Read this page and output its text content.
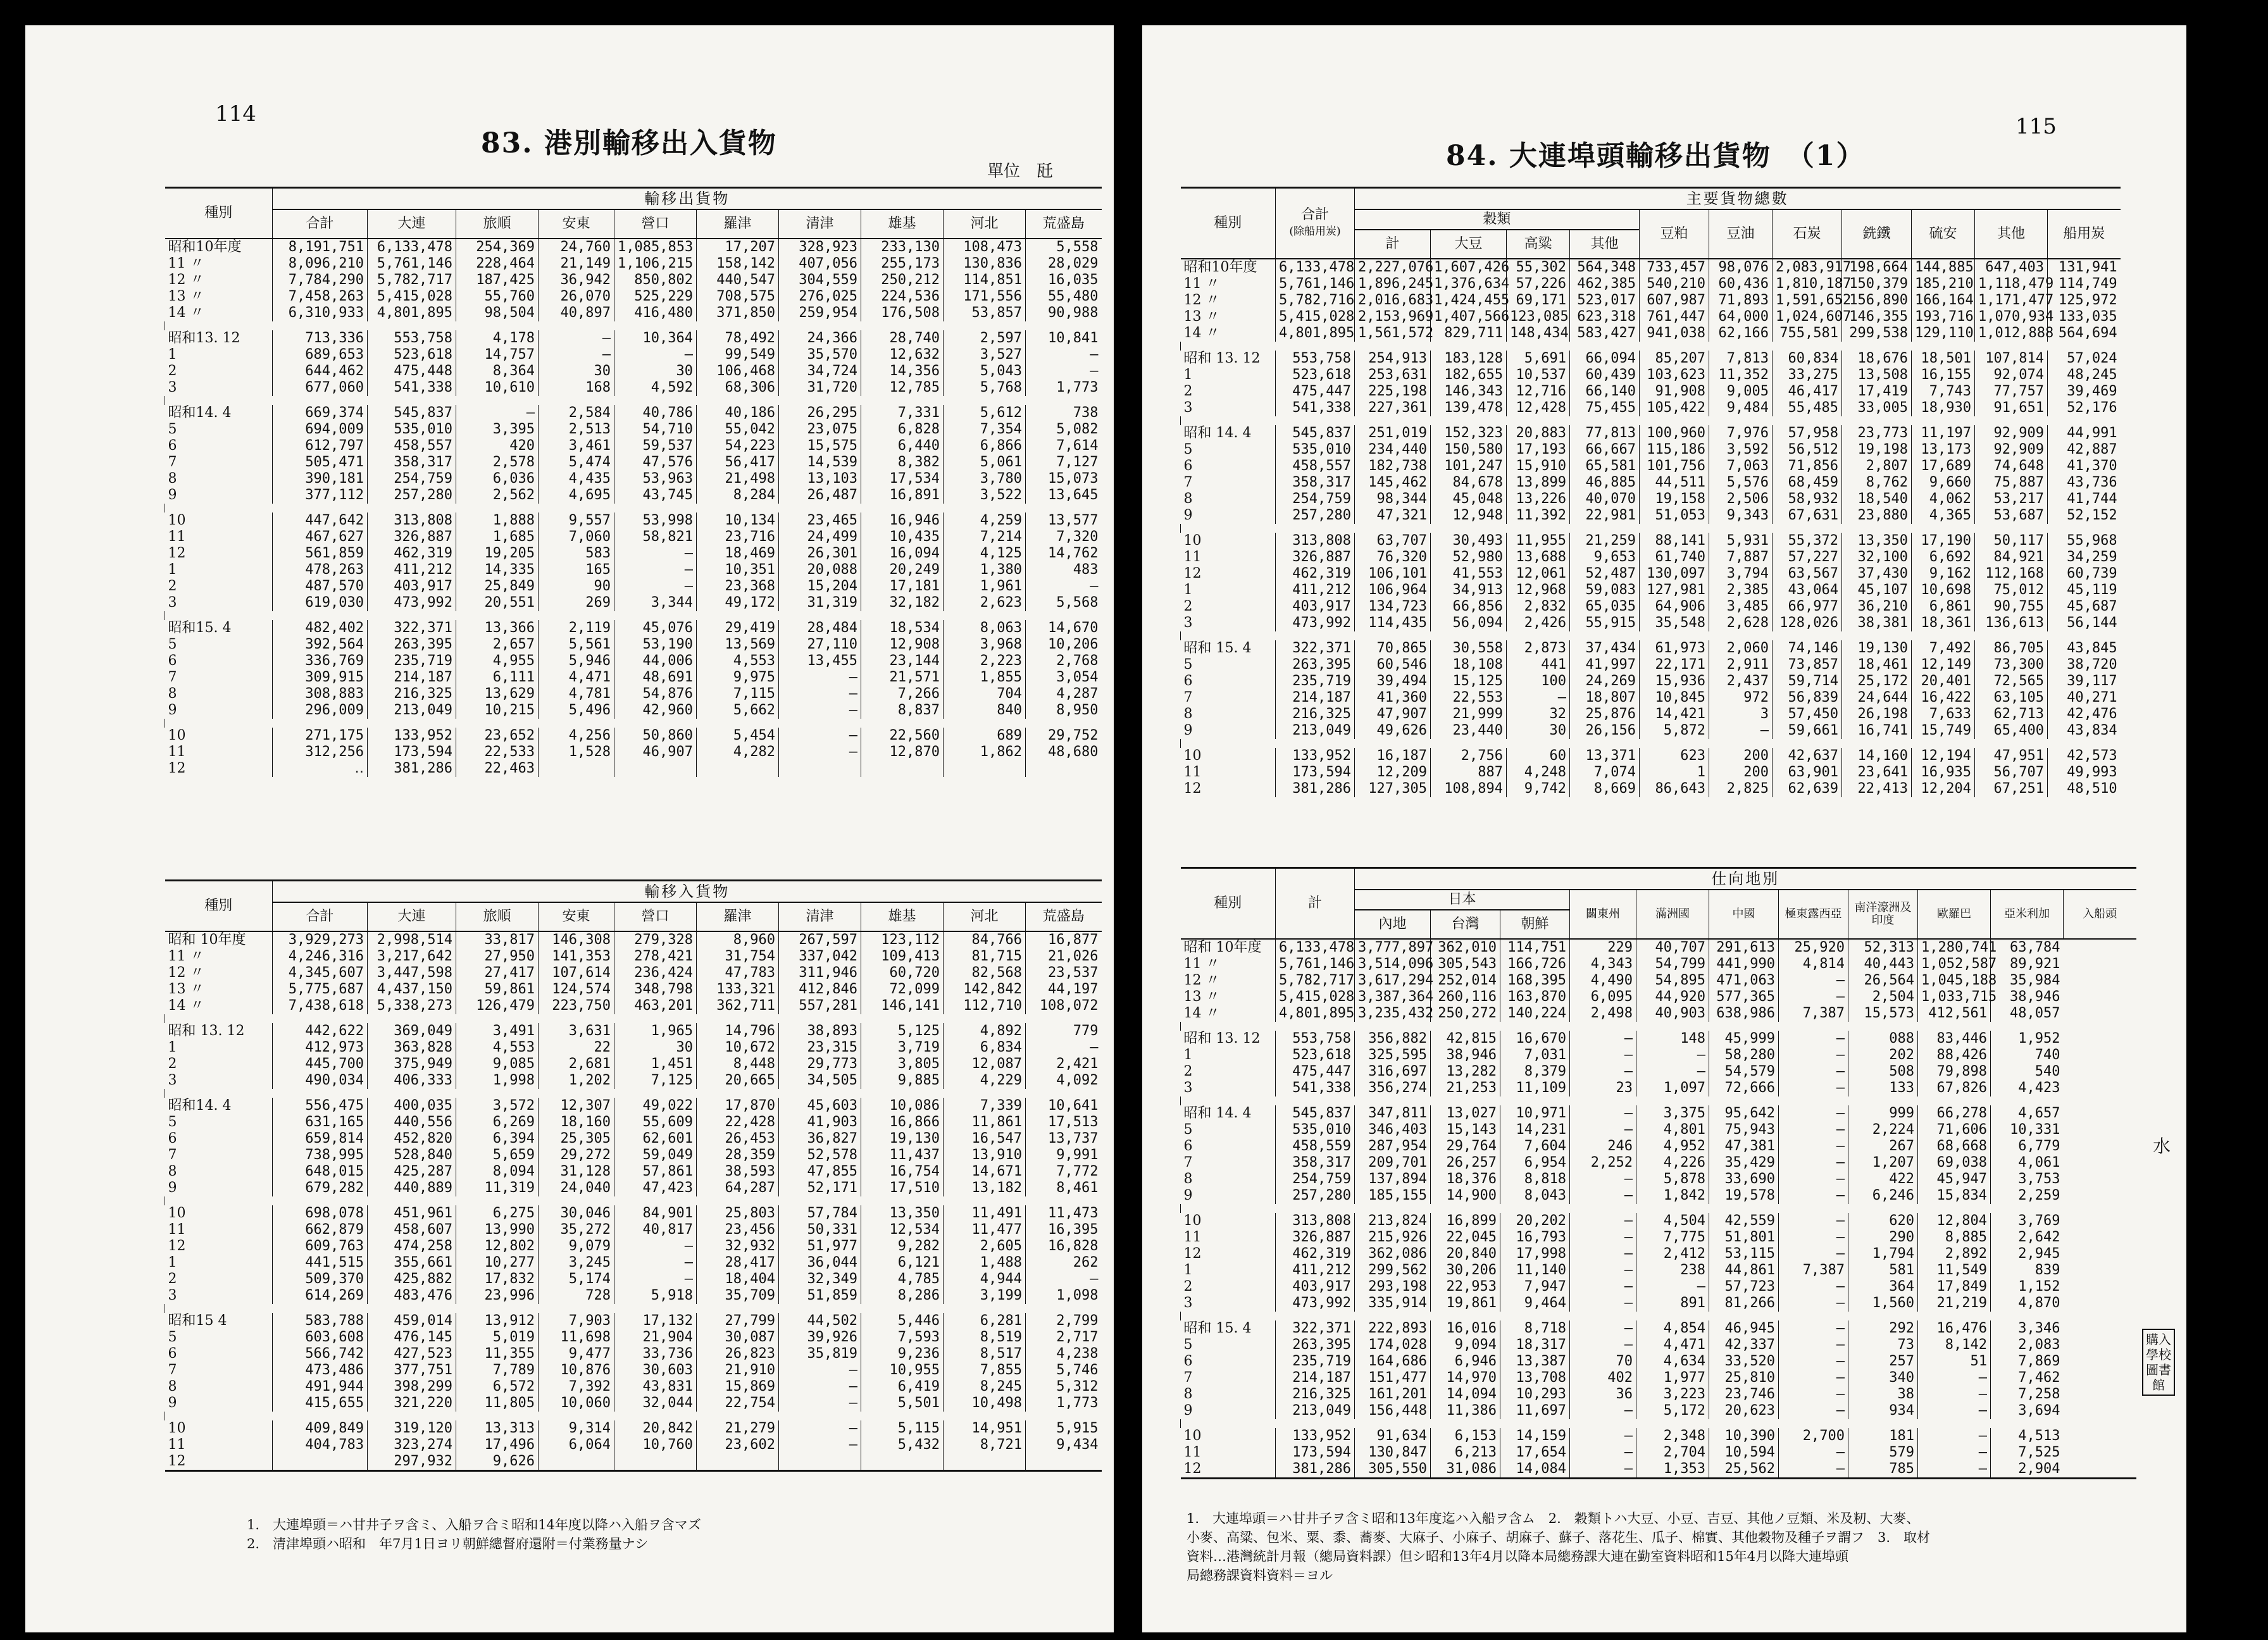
114
83. 港別輸移出入貨物
單位　瓩
種別	輸移出貨物									
	合計	大連	旅順	安東	營口	羅津	清津	雄基	河北	荒盛島
昭和10年度	8,191,751	6,133,478	254,369	24,760	1,085,853	17,207	328,923	233,130	108,473	5,558
11 〃	8,096,210	5,761,146	228,464	21,149	1,106,215	158,142	407,056	255,173	130,836	28,029
12 〃	7,784,290	5,782,717	187,425	36,942	850,802	440,547	304,559	250,212	114,851	16,035
13 〃	7,458,263	5,415,028	55,760	26,070	525,229	708,575	276,025	224,536	171,556	55,480
14 〃	6,310,933	4,801,895	98,504	40,897	416,480	371,850	259,954	176,508	53,857	90,988

昭和13. 12	713,336	553,758	4,178	—	10,364	78,492	24,366	28,740	2,597	10,841
1	689,653	523,618	14,757	—	—	99,549	35,570	12,632	3,527	—
2	644,462	475,448	8,364	30	30	106,468	34,724	14,356	5,043	—
3	677,060	541,338	10,610	168	4,592	68,306	31,720	12,785	5,768	1,773

昭和14. 4	669,374	545,837	—	2,584	40,786	40,186	26,295	7,331	5,612	738
5	694,009	535,010	3,395	2,513	54,710	55,042	23,075	6,828	7,354	5,082
6	612,797	458,557	420	3,461	59,537	54,223	15,575	6,440	6,866	7,614
7	505,471	358,317	2,578	5,474	47,576	56,417	14,539	8,382	5,061	7,127
8	390,181	254,759	6,036	4,435	53,963	21,498	13,103	17,534	3,780	15,073
9	377,112	257,280	2,562	4,695	43,745	8,284	26,487	16,891	3,522	13,645

10	447,642	313,808	1,888	9,557	53,998	10,134	23,465	16,946	4,259	13,577
11	467,627	326,887	1,685	7,060	58,821	23,716	24,499	10,435	7,214	7,320
12	561,859	462,319	19,205	583	—	18,469	26,301	16,094	4,125	14,762
1	478,263	411,212	14,335	165	—	10,351	20,088	20,249	1,380	483
2	487,570	403,917	25,849	90	—	23,368	15,204	17,181	1,961	—
3	619,030	473,992	20,551	269	3,344	49,172	31,319	32,182	2,623	5,568

昭和15. 4	482,402	322,371	13,366	2,119	45,076	29,419	28,484	18,534	8,063	14,670
5	392,564	263,395	2,657	5,561	53,190	13,569	27,110	12,908	3,968	10,206
6	336,769	235,719	4,955	5,946	44,006	4,553	13,455	23,144	2,223	2,768
7	309,915	214,187	6,111	4,471	48,691	9,975	—	21,571	1,855	3,054
8	308,883	216,325	13,629	4,781	54,876	7,115	—	7,266	704	4,287
9	296,009	213,049	10,215	5,496	42,960	5,662	—	8,837	840	8,950

10	271,175	133,952	23,652	4,256	50,860	5,454	—	22,560	689	29,752
11	312,256	173,594	22,533	1,528	46,907	4,282	—	12,870	1,862	48,680
12	‥	381,286	22,463							
種別	輸移入貨物									
	合計	大連	旅順	安東	營口	羅津	清津	雄基	河北	荒盛島
昭和 10年度	3,929,273	2,998,514	33,817	146,308	279,328	8,960	267,597	123,112	84,766	16,877
11 〃	4,246,316	3,217,642	27,950	141,353	278,421	31,754	337,042	109,413	81,715	21,026
12 〃	4,345,607	3,447,598	27,417	107,614	236,424	47,783	311,946	60,720	82,568	23,537
13 〃	5,775,687	4,437,150	59,861	124,574	348,798	133,321	412,846	72,099	142,842	44,197
14 〃	7,438,618	5,338,273	126,479	223,750	463,201	362,711	557,281	146,141	112,710	108,072

昭和 13. 12	442,622	369,049	3,491	3,631	1,965	14,796	38,893	5,125	4,892	779
1	412,973	363,828	4,553	22	30	10,672	23,315	3,719	6,834	—
2	445,700	375,949	9,085	2,681	1,451	8,448	29,773	3,805	12,087	2,421
3	490,034	406,333	1,998	1,202	7,125	20,665	34,505	9,885	4,229	4,092

昭和14. 4	556,475	400,035	3,572	12,307	49,022	17,870	45,603	10,086	7,339	10,641
5	631,165	440,556	6,269	18,160	55,609	22,428	41,903	16,866	11,861	17,513
6	659,814	452,820	6,394	25,305	62,601	26,453	36,827	19,130	16,547	13,737
7	738,995	528,840	5,659	29,272	59,049	28,359	52,578	11,437	13,910	9,991
8	648,015	425,287	8,094	31,128	57,861	38,593	47,855	16,754	14,671	7,772
9	679,282	440,889	11,319	24,040	47,423	64,287	52,171	17,510	13,182	8,461

10	698,078	451,961	6,275	30,046	84,901	25,803	57,784	13,350	11,491	11,473
11	662,879	458,607	13,990	35,272	40,817	23,456	50,331	12,534	11,477	16,395
12	609,763	474,258	12,802	9,079	—	32,932	51,977	9,282	2,605	16,828
1	441,515	355,661	10,277	3,245	—	28,417	36,044	6,121	1,488	262
2	509,370	425,882	17,832	5,174	—	18,404	32,349	4,785	4,944	—
3	614,269	483,476	23,996	728	5,918	35,709	51,859	8,286	3,199	1,098

昭和15 4	583,788	459,014	13,912	7,903	17,132	27,799	44,502	5,446	6,281	2,799
5	603,608	476,145	5,019	11,698	21,904	30,087	39,926	7,593	8,519	2,717
6	566,742	427,523	11,355	9,477	33,736	26,823	35,819	9,236	8,517	4,238
7	473,486	377,751	7,789	10,876	30,603	21,910	—	10,955	7,855	5,746
8	491,944	398,299	6,572	7,392	43,831	15,869	—	6,419	8,245	5,312
9	415,655	321,220	11,805	10,060	32,044	22,754	—	5,501	10,498	1,773

10	409,849	319,120	13,313	9,314	20,842	21,279	—	5,115	14,951	5,915
11	404,783	323,274	17,496	6,064	10,760	23,602	—	5,432	8,721	9,434
12		297,932	9,626							
1.　大連埠頭＝ハ甘井子ヲ含ミ、入船ヲ合ミ昭和14年度以降ハ入船ヲ含マズ
2.　清津埠頭ハ昭和　年7月1日ヨリ朝鮮總督府還附＝付業務量ナシ
115
84. 大連埠頭輸移出貨物　（1）
種別	合計
(除船用炭)	主要貨物總數										
		穀類				豆粕	豆油	石炭	銑鐵	硫安	其他	船用炭
		計	大豆	高粱	其他							
昭和10年度	6,133,478	2,227,076	1,607,426	55,302	564,348	733,457	98,076	2,083,917	198,664	144,885	647,403	131,941
11 〃	5,761,146	1,896,245	1,376,634	57,226	462,385	540,210	60,436	1,810,187	150,379	185,210	1,118,479	114,749
12 〃	5,782,716	2,016,683	1,424,455	69,171	523,017	607,987	71,893	1,591,652	156,890	166,164	1,171,477	125,972
13 〃	5,415,028	2,153,969	1,407,566	123,085	623,318	761,447	64,000	1,024,607	146,355	193,716	1,070,934	133,035
14 〃	4,801,895	1,561,572	829,711	148,434	583,427	941,038	62,166	755,581	299,538	129,110	1,012,888	564,694

昭和 13. 12	553,758	254,913	183,128	5,691	66,094	85,207	7,813	60,834	18,676	18,501	107,814	57,024
1	523,618	253,631	182,655	10,537	60,439	103,623	11,352	33,275	13,508	16,155	92,074	48,245
2	475,447	225,198	146,343	12,716	66,140	91,908	9,005	46,417	17,419	7,743	77,757	39,469
3	541,338	227,361	139,478	12,428	75,455	105,422	9,484	55,485	33,005	18,930	91,651	52,176

昭和 14. 4	545,837	251,019	152,323	20,883	77,813	100,960	7,976	57,958	23,773	11,197	92,909	44,991
5	535,010	234,440	150,580	17,193	66,667	115,186	3,592	56,512	19,198	13,173	92,909	42,887
6	458,557	182,738	101,247	15,910	65,581	101,756	7,063	71,856	2,807	17,689	74,648	41,370
7	358,317	145,462	84,678	13,899	46,885	44,511	5,576	68,459	8,762	9,660	75,887	43,736
8	254,759	98,344	45,048	13,226	40,070	19,158	2,506	58,932	18,540	4,062	53,217	41,744
9	257,280	47,321	12,948	11,392	22,981	51,053	9,343	67,631	23,880	4,365	53,687	52,152

10	313,808	63,707	30,493	11,955	21,259	88,141	5,931	55,372	13,350	17,190	50,117	55,968
11	326,887	76,320	52,980	13,688	9,653	61,740	7,887	57,227	32,100	6,692	84,921	34,259
12	462,319	106,101	41,553	12,061	52,487	130,097	3,794	63,567	37,430	9,162	112,168	60,739
1	411,212	106,964	34,913	12,968	59,083	127,981	2,385	43,064	45,107	10,698	75,012	45,119
2	403,917	134,723	66,856	2,832	65,035	64,906	3,485	66,977	36,210	6,861	90,755	45,687
3	473,992	114,435	56,094	2,426	55,915	35,548	2,628	128,026	38,381	18,361	136,613	56,144

昭和 15. 4	322,371	70,865	30,558	2,873	37,434	61,973	2,060	74,146	19,130	7,492	86,705	43,845
5	263,395	60,546	18,108	441	41,997	22,171	2,911	73,857	18,461	12,149	73,300	38,720
6	235,719	39,494	15,125	100	24,269	15,936	2,437	59,714	25,172	20,401	72,565	39,117
7	214,187	41,360	22,553	—	18,807	10,845	972	56,839	24,644	16,422	63,105	40,271
8	216,325	47,907	21,999	32	25,876	14,421	3	57,450	26,198	7,633	62,713	42,476
9	213,049	49,626	23,440	30	26,156	5,872	—	59,661	16,741	15,749	65,400	43,834

10	133,952	16,187	2,756	60	13,371	623	200	42,637	14,160	12,194	47,951	42,573
11	173,594	12,209	887	4,248	7,074	1	200	63,901	23,641	16,935	56,707	49,993
12	381,286	127,305	108,894	9,742	8,669	86,643	2,825	62,639	22,413	12,204	67,251	48,510
種別	計	仕向地別										
		日本			關東州	滿洲國	中國	極東露西亞	南洋濠洲及印度	歐羅巴	亞米利加	入船頭
		內地	台灣	朝鮮								
昭和 10年度	6,133,478	3,777,897	362,010	114,751	229	40,707	291,613	25,920	52,313	1,280,741	63,784	
11 〃	5,761,146	3,514,096	305,543	166,726	4,343	54,799	441,990	4,814	40,443	1,052,587	89,921	
12 〃	5,782,717	3,617,294	252,014	168,395	4,490	54,895	471,063	—	26,564	1,045,188	35,984	
13 〃	5,415,028	3,387,364	260,116	163,870	6,095	44,920	577,365	—	2,504	1,033,715	38,946	
14 〃	4,801,895	3,235,432	250,272	140,224	2,498	40,903	638,986	7,387	15,573	412,561	48,057	

昭和 13. 12	553,758	356,882	42,815	16,670	—	148	45,999	—	088	83,446	1,952	
1	523,618	325,595	38,946	7,031	—	—	58,280	—	202	88,426	740	
2	475,447	316,697	13,282	8,379	—	—	54,579	—	508	79,898	540	
3	541,338	356,274	21,253	11,109	23	1,097	72,666	—	133	67,826	4,423	

昭和 14. 4	545,837	347,811	13,027	10,971	—	3,375	95,642	—	999	66,278	4,657	
5	535,010	346,403	15,143	14,231	—	4,801	75,943	—	2,224	71,606	10,331	
6	458,559	287,954	29,764	7,604	246	4,952	47,381	—	267	68,668	6,779	
7	358,317	209,701	26,257	6,954	2,252	4,226	35,429	—	1,207	69,038	4,061	
8	254,759	137,894	18,376	8,818	—	5,878	33,690	—	422	45,947	3,753	
9	257,280	185,155	14,900	8,043	—	1,842	19,578	—	6,246	15,834	2,259	

10	313,808	213,824	16,899	20,202	—	4,504	42,559	—	620	12,804	3,769	
11	326,887	215,926	22,045	16,793	—	7,775	51,801	—	290	8,885	2,642	
12	462,319	362,086	20,840	17,998	—	2,412	53,115	—	1,794	2,892	2,945	
1	411,212	299,562	30,206	11,140	—	238	44,861	7,387	581	11,549	839	
2	403,917	293,198	22,953	7,947	—	—	57,723	—	364	17,849	1,152	
3	473,992	335,914	19,861	9,464	—	891	81,266	—	1,560	21,219	4,870	

昭和 15. 4	322,371	222,893	16,016	8,718	—	4,854	46,945	—	292	16,476	3,346	
5	263,395	174,028	9,094	18,317	—	4,471	42,337	—	73	8,142	2,083	
6	235,719	164,686	6,946	13,387	70	4,634	33,520	—	257	51	7,869	
7	214,187	151,477	14,970	13,708	402	1,977	25,810	—	340	—	7,462	
8	216,325	161,201	14,094	10,293	36	3,223	23,746	—	38	—	7,258	
9	213,049	156,448	11,386	11,697	—	5,172	20,623	—	934	—	3,694	

10	133,952	91,634	6,153	14,159	—	2,348	10,390	2,700	181	—	4,513	
11	173,594	130,847	6,213	17,654	—	2,704	10,594	—	579	—	7,525	
12	381,286	305,550	31,086	14,084	—	1,353	25,562	—	785	—	2,904	
1.　大連埠頭＝ハ甘井子ヲ含ミ昭和13年度迄ハ入船ヲ含ム　2.　穀類トハ大豆、小豆、吉豆、其他ノ豆類、米及籾、大麥、
小麥、高粱、包米、粟、黍、蕎麥、大麻子、小麻子、胡麻子、蘇子、落花生、瓜子、棉實、其他穀物及種子ヲ謂フ　3.　取材
資料…港灣統計月報（總局資料課）但シ昭和13年4月以降本局總務課大連在勤室資料昭和15年4月以降大連埠頭
局總務課資料資料＝ヨル
水
購入學校圖書館
